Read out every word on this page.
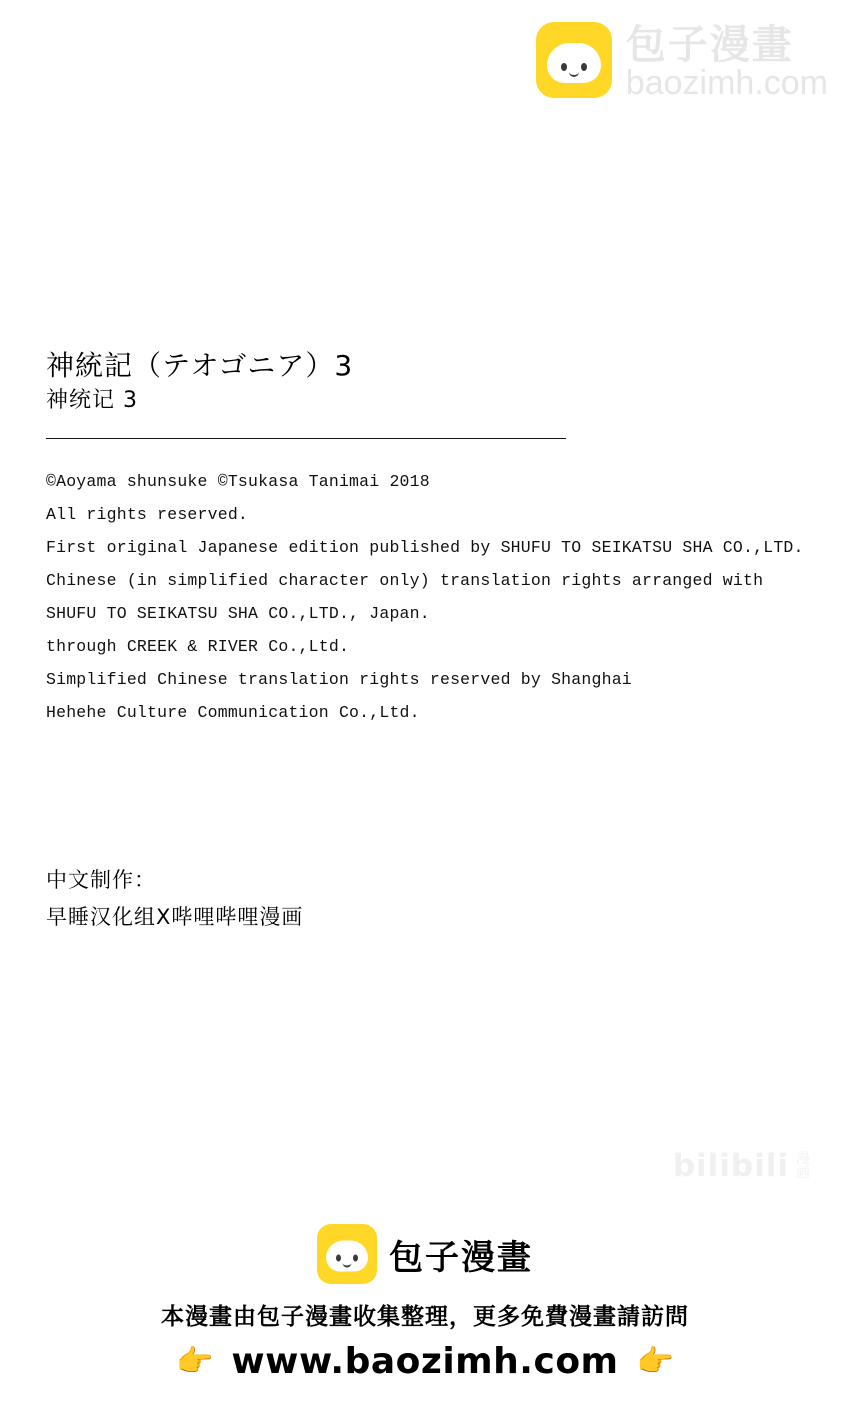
包子漫畫
baozimh.com
神統記（テオゴニア）3
神统记 3
©Aoyama shunsuke ©Tsukasa Tanimai 2018
All rights reserved.
First original Japanese edition published by SHUFU TO SEIKATSU SHA CO.,LTD.
Chinese (in simplified character only) translation rights arranged with
SHUFU TO SEIKATSU SHA CO.,LTD., Japan.
through CREEK & RIVER Co.,Ltd.
Simplified Chinese translation rights reserved by Shanghai
Hehehe Culture Communication Co.,Ltd.
中文制作：
早睡汉化组X哔哩哔哩漫画
bilibili 漫
画
包子漫畫
本漫畫由包子漫畫收集整理，更多免費漫畫請訪問
👉 www.baozimh.com 👉
